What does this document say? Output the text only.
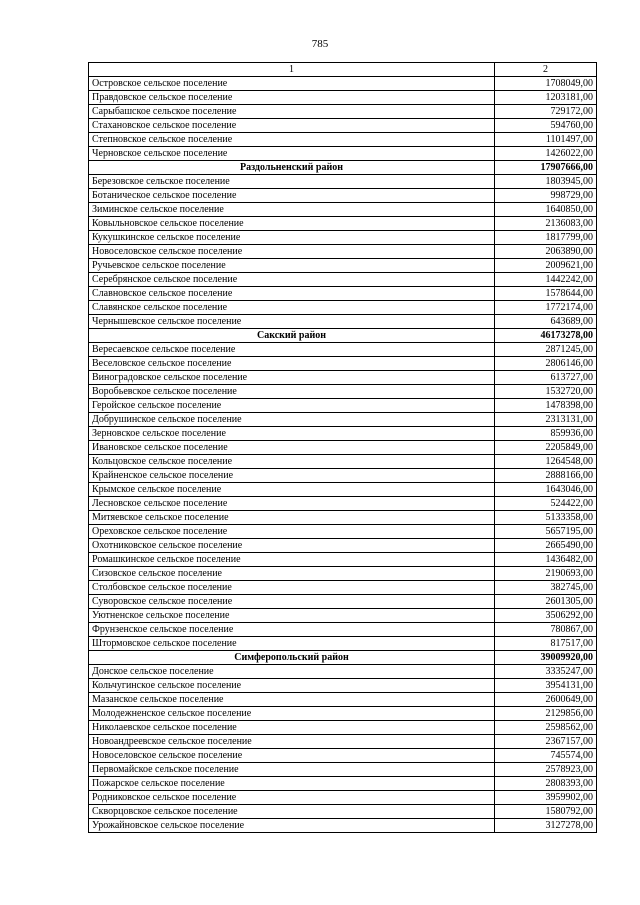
785
1	2
Островское сельское поселение	1708049,00
Правдовское сельское поселение	1203181,00
Сарыбашское сельское поселение	729172,00
Стахановское сельское поселение	594760,00
Степновское сельское поселение	1101497,00
Черновское сельское поселение	1426022,00
Раздольненский район	17907666,00
Березовское сельское поселение	1803945,00
Ботаническое сельское поселение	998729,00
Зиминское сельское поселение	1640850,00
Ковыльновское сельское поселение	2136083,00
Кукушкинское сельское поселение	1817799,00
Новоселовское сельское поселение	2063890,00
Ручьевское сельское поселение	2009621,00
Серебрянское сельское поселение	1442242,00
Славновское сельское поселение	1578644,00
Славянское сельское поселение	1772174,00
Чернышевское сельское поселение	643689,00
Сакский район	46173278,00
Вересаевское сельское поселение	2871245,00
Веселовское сельское поселение	2806146,00
Виноградовское сельское поселение	613727,00
Воробьевское сельское поселение	1532720,00
Геройское сельское поселение	1478398,00
Добрушинское сельское поселение	2313131,00
Зерновское сельское поселение	859936,00
Ивановское сельское поселение	2205849,00
Кольцовское сельское поселение	1264548,00
Крайненское сельское поселение	2888166,00
Крымское сельское поселение	1643046,00
Лесновское сельское поселение	524422,00
Митяевское сельское поселение	5133358,00
Ореховское сельское поселение	5657195,00
Охотниковское сельское поселение	2665490,00
Ромашкинское сельское поселение	1436482,00
Сизовское сельское поселение	2190693,00
Столбовское сельское поселение	382745,00
Суворовское сельское поселение	2601305,00
Уютненское сельское поселение	3506292,00
Фрунзенское сельское поселение	780867,00
Штормовское сельское поселение	817517,00
Симферопольский район	39009920,00
Донское сельское поселение	3335247,00
Кольчугинское сельское поселение	3954131,00
Мазанское сельское поселение	2600649,00
Молодежненское сельское поселение	2129856,00
Николаевское сельское поселение	2598562,00
Новоандреевское сельское поселение	2367157,00
Новоселовское сельское поселение	745574,00
Первомайское сельское поселение	2578923,00
Пожарское сельское поселение	2808393,00
Родниковское сельское поселение	3959902,00
Скворцовское сельское поселение	1580792,00
Урожайновское сельское поселение	3127278,00
